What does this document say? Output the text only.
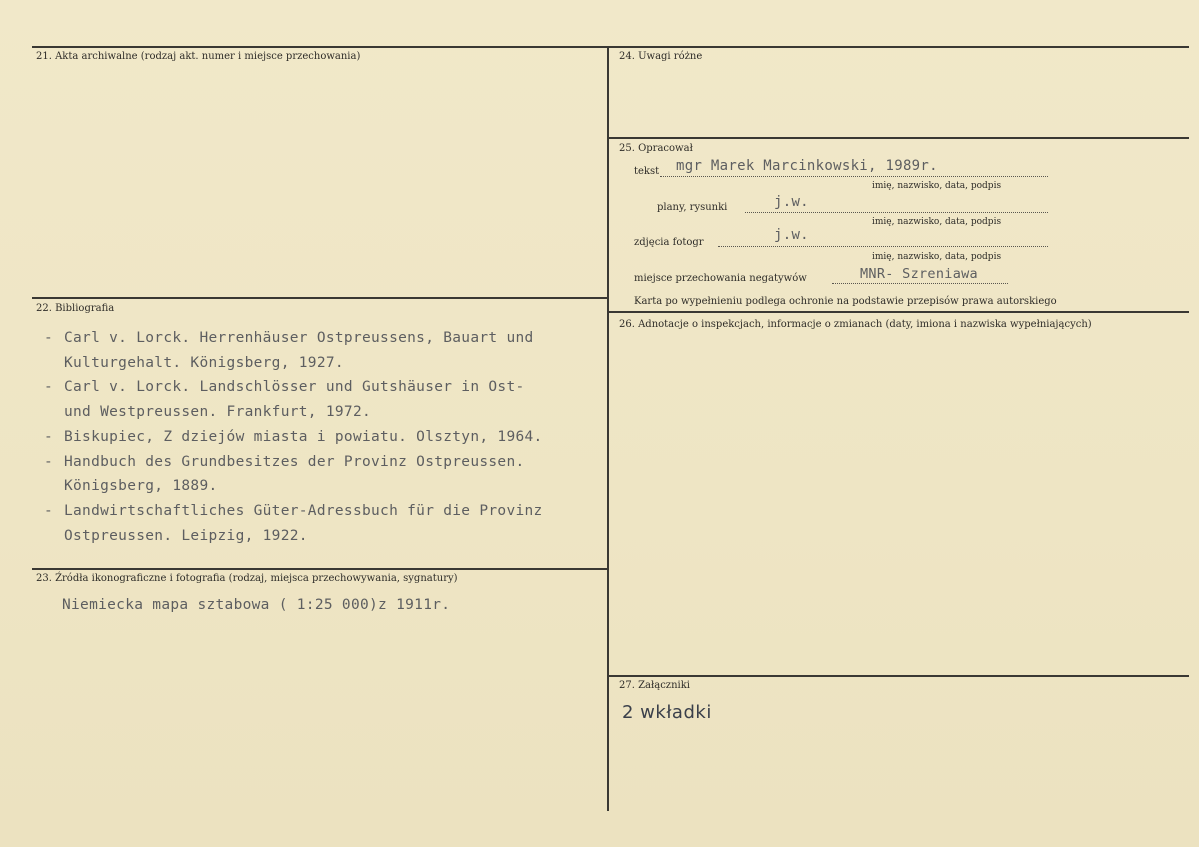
21. Akta archiwalne (rodzaj akt. numer i miejsce przechowania)
22. Bibliografia
- Carl v. Lorck. Herrenhäuser Ostpreussens, Bauart und
Kulturgehalt. Königsberg, 1927.
- Carl v. Lorck. Landschlösser und Gutshäuser in Ost-
und Westpreussen. Frankfurt, 1972.
- Biskupiec, Z dziejów miasta i powiatu. Olsztyn, 1964.
- Handbuch des Grundbesitzes der Provinz Ostpreussen.
Königsberg, 1889.
- Landwirtschaftliches Güter-Adressbuch für die Provinz
Ostpreussen. Leipzig, 1922.
23. Źródła ikonograficzne i fotografia (rodzaj, miejsca przechowywania, sygnatury)
Niemiecka mapa sztabowa ( 1:25 000)z 1911r.
24. Uwagi różne
25. Opracował
tekst mgr Marek Marcinkowski, 1989r.
imię, nazwisko, data, podpis
plany, rysunki	j.w.
imię, nazwisko, data, podpis
zdjęcia fotogr	j.w.
imię, nazwisko, data, podpis
miejsce przechowania negatywów	MNR- Szreniawa
Karta po wypełnieniu podlega ochronie na podstawie przepisów prawa autorskiego
26. Adnotacje o inspekcjach, informacje o zmianach (daty, imiona i nazwiska wypełniających)
27. Załączniki
2 wkładki
